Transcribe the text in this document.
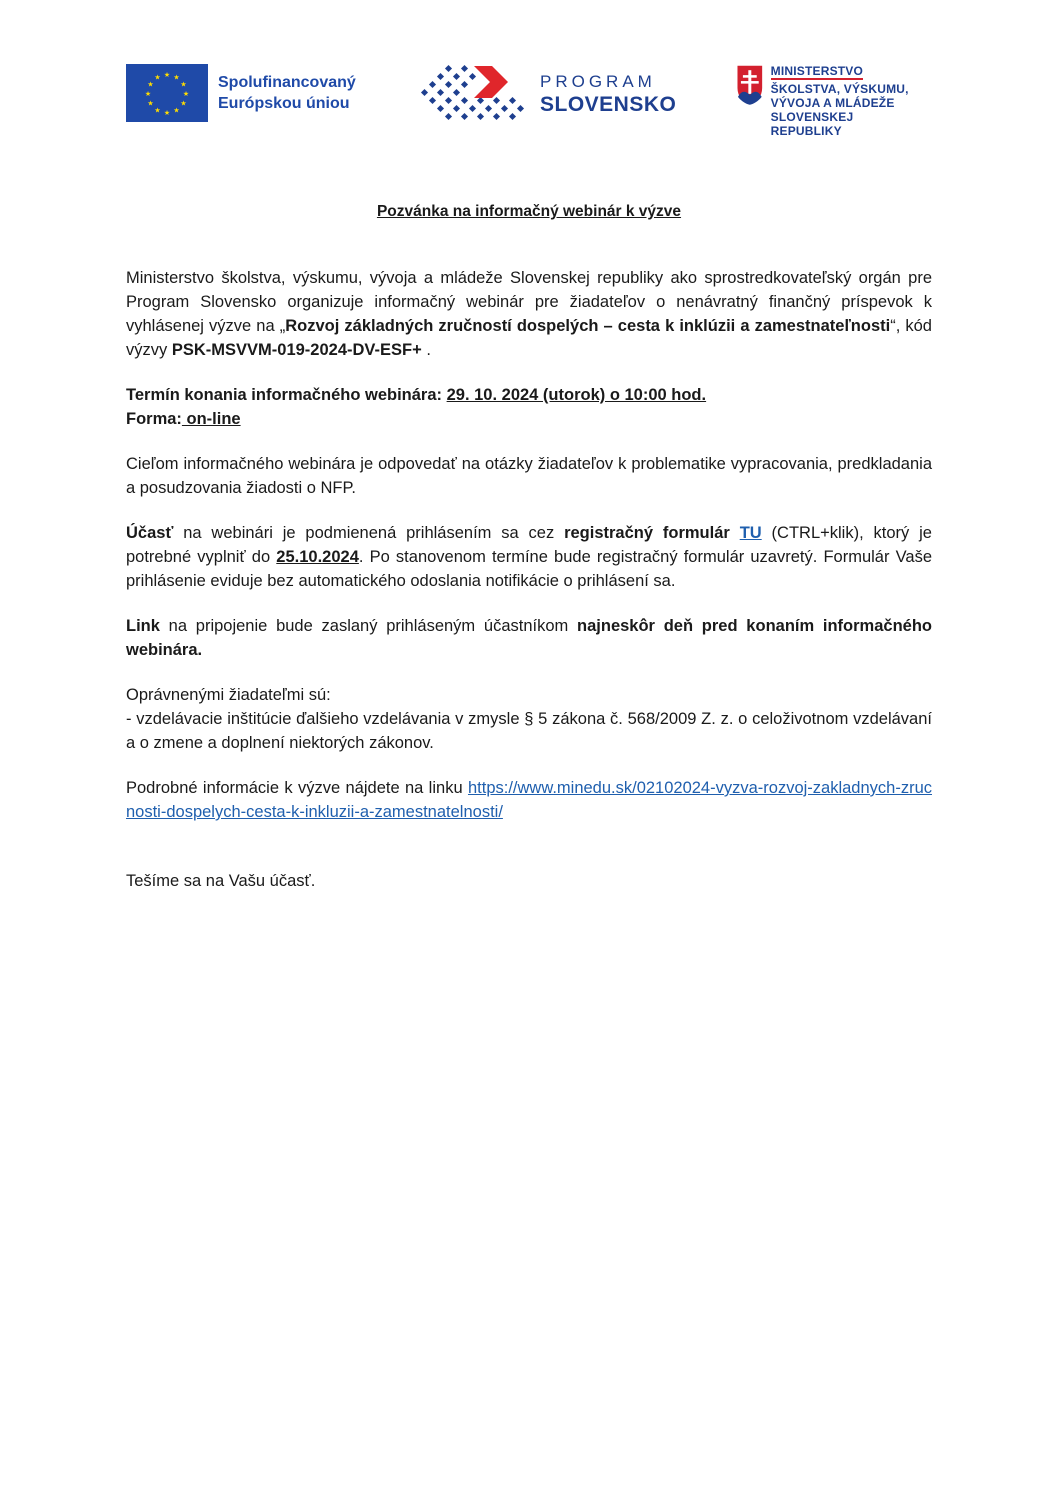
★ ★
★
★
★
★
★
★
★
★
★
★	Spolufinancovaný
Európskou úniou
PROGRAM
SLOVENSKO
MINISTERSTVO
ŠKOLSTVA, VÝSKUMU,
VÝVOJA A MLÁDEŽE
SLOVENSKEJ REPUBLIKY

Pozvánka na informačný webinár k výzve

Ministerstvo školstva, výskumu, vývoja a mládeže Slovenskej republiky ako sprostredkovateľský orgán pre Program Slovensko organizuje informačný webinár pre žiadateľov o nenávratný finančný príspevok k vyhlásenej výzve na „Rozvoj základných zručností dospelých – cesta k inklúzii a zamestnateľnosti“, kód výzvy PSK-MSVVM-019-2024-DV-ESF+ .

Termín konania informačného webinára: 29. 10. 2024 (utorok) o 10:00 hod.

Forma: on-line

Cieľom informačného webinára je odpovedať na otázky žiadateľov k problematike vypracovania, predkladania a posudzovania žiadosti o NFP.

Účasť na webinári je podmienená prihlásením sa cez registračný formulár TU (CTRL+klik), ktorý je potrebné vyplniť do 25.10.2024. Po stanovenom termíne bude registračný formulár uzavretý. Formulár Vaše prihlásenie eviduje bez automatického odoslania notifikácie o prihlásení sa.

Link na pripojenie bude zaslaný prihláseným účastníkom najneskôr deň pred konaním informačného webinára.

Oprávnenými žiadateľmi sú:

- vzdelávacie inštitúcie ďalšieho vzdelávania v zmysle § 5 zákona č. 568/2009 Z. z. o celoživotnom vzdelávaní a o zmene a doplnení niektorých zákonov.

Podrobné informácie k výzve nájdete na linku https://www.minedu.sk/02102024-vyzva-rozvoj-zakladnych-zrucnosti-dospelych-cesta-k-inkluzii-a-zamestnatelnosti/

Tešíme sa na Vašu účasť.
